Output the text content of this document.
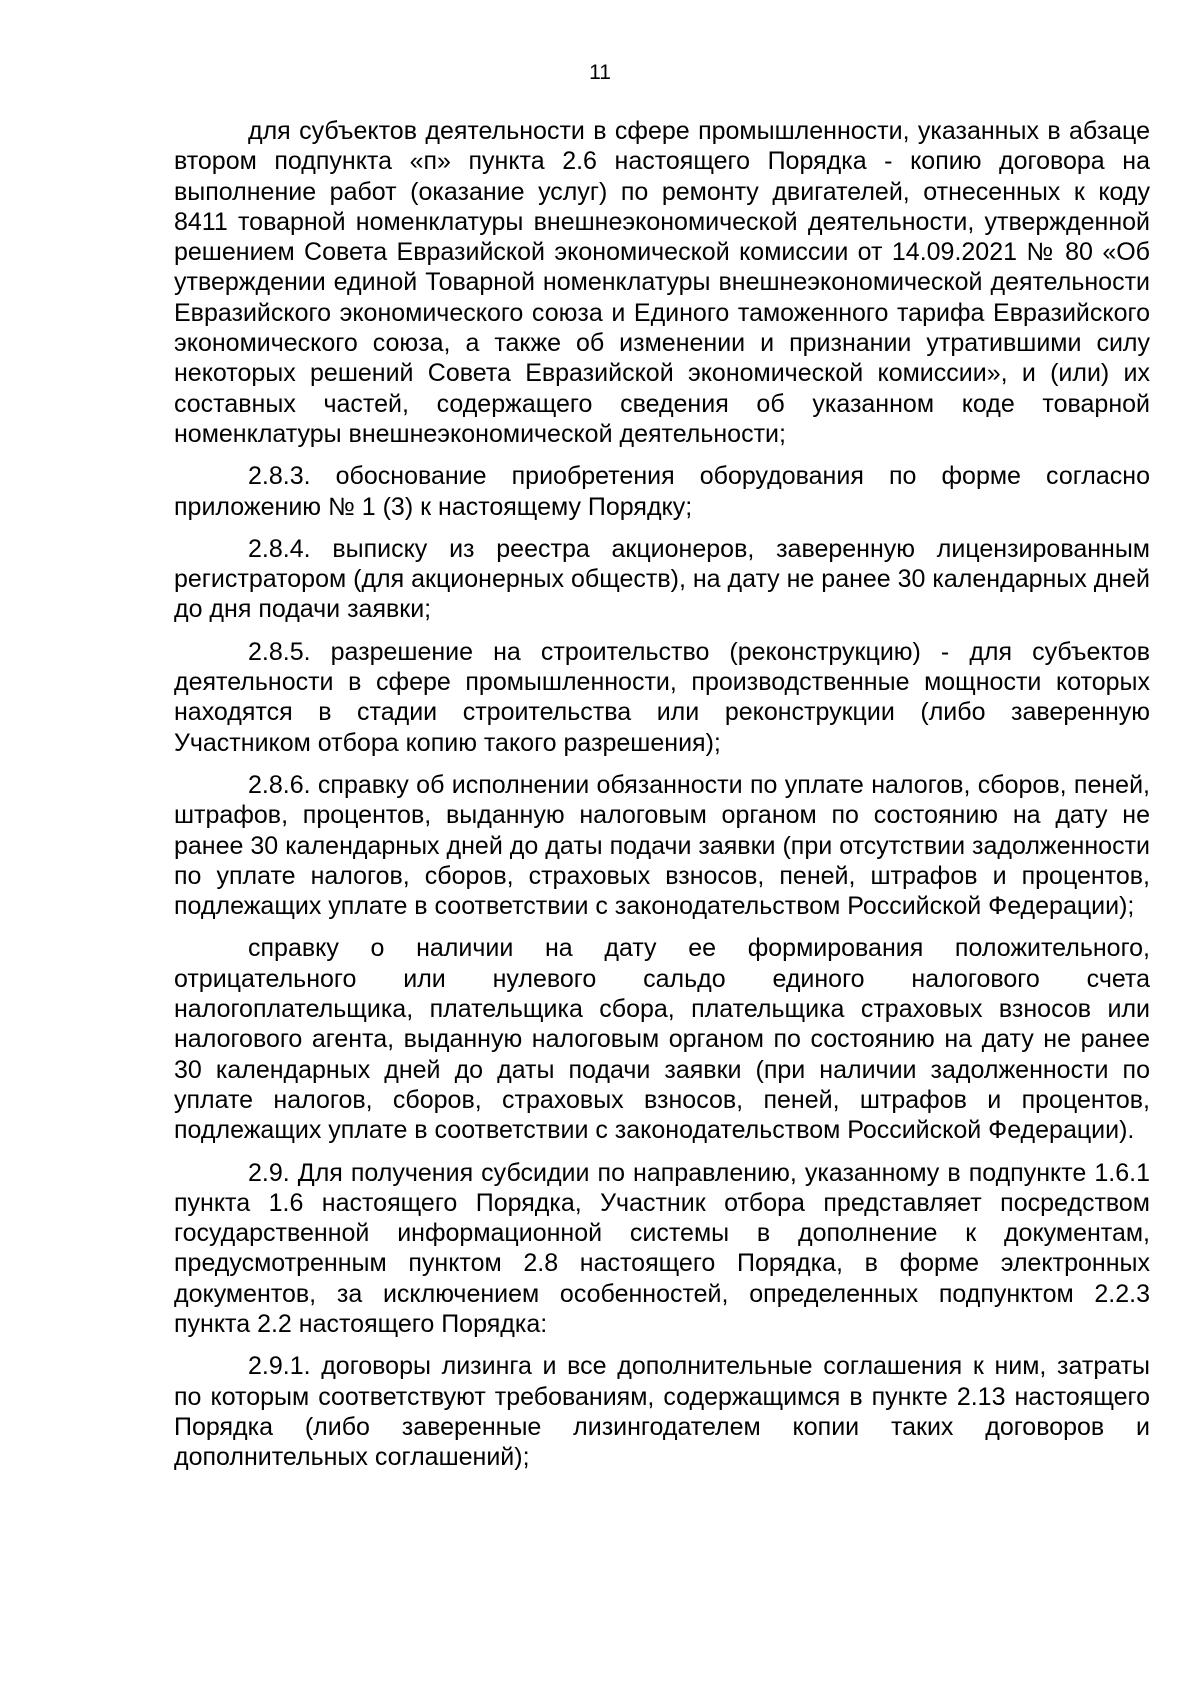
11

для субъектов деятельности в сфере промышленности, указанных в абзаце втором подпункта «п» пункта 2.6 настоящего Порядка - копию договора на выполнение работ (оказание услуг) по ремонту двигателей, отнесенных к коду 8411 товарной номенклатуры внешнеэкономической деятельности, утвержденной решением Совета Евразийской экономической комиссии от 14.09.2021 № 80 «Об утверждении единой Товарной номенклатуры внешнеэкономической деятельности Евразийского экономического союза и Единого таможенного тарифа Евразийского экономического союза, а также об изменении и признании утратившими силу некоторых решений Совета Евразийской экономической комиссии», и (или) их составных частей, содержащего сведения об указанном коде товарной номенклатуры внешнеэкономической деятельности;

2.8.3. обоснование приобретения оборудования по форме согласно приложению № 1 (3) к настоящему Порядку;

2.8.4. выписку из реестра акционеров, заверенную лицензированным регистратором (для акционерных обществ), на дату не ранее 30 календарных дней до дня подачи заявки;

2.8.5. разрешение на строительство (реконструкцию) - для субъектов деятельности в сфере промышленности, производственные мощности которых находятся в стадии строительства или реконструкции (либо заверенную Участником отбора копию такого разрешения);

2.8.6. справку об исполнении обязанности по уплате налогов, сборов, пеней, штрафов, процентов, выданную налоговым органом по состоянию на дату не ранее 30 календарных дней до даты подачи заявки (при отсутствии задолженности по уплате налогов, сборов, страховых взносов, пеней, штрафов и процентов, подлежащих уплате в соответствии с законодательством Российской Федерации);

справку о наличии на дату ее формирования положительного, отрицательного или нулевого сальдо единого налогового счета налогоплательщика, плательщика сбора, плательщика страховых взносов или налогового агента, выданную налоговым органом по состоянию на дату не ранее 30 календарных дней до даты подачи заявки (при наличии задолженности по уплате налогов, сборов, страховых взносов, пеней, штрафов и процентов, подлежащих уплате в соответствии с законодательством Российской Федерации).

2.9. Для получения субсидии по направлению, указанному в подпункте 1.6.1 пункта 1.6 настоящего Порядка, Участник отбора представляет посредством государственной информационной системы в дополнение к документам, предусмотренным пунктом 2.8 настоящего Порядка, в форме электронных документов, за исключением особенностей, определенных подпунктом 2.2.3 пункта 2.2 настоящего Порядка:

2.9.1. договоры лизинга и все дополнительные соглашения к ним, затраты по которым соответствуют требованиям, содержащимся в пункте 2.13 настоящего Порядка (либо заверенные лизингодателем копии таких договоров и дополнительных соглашений);
